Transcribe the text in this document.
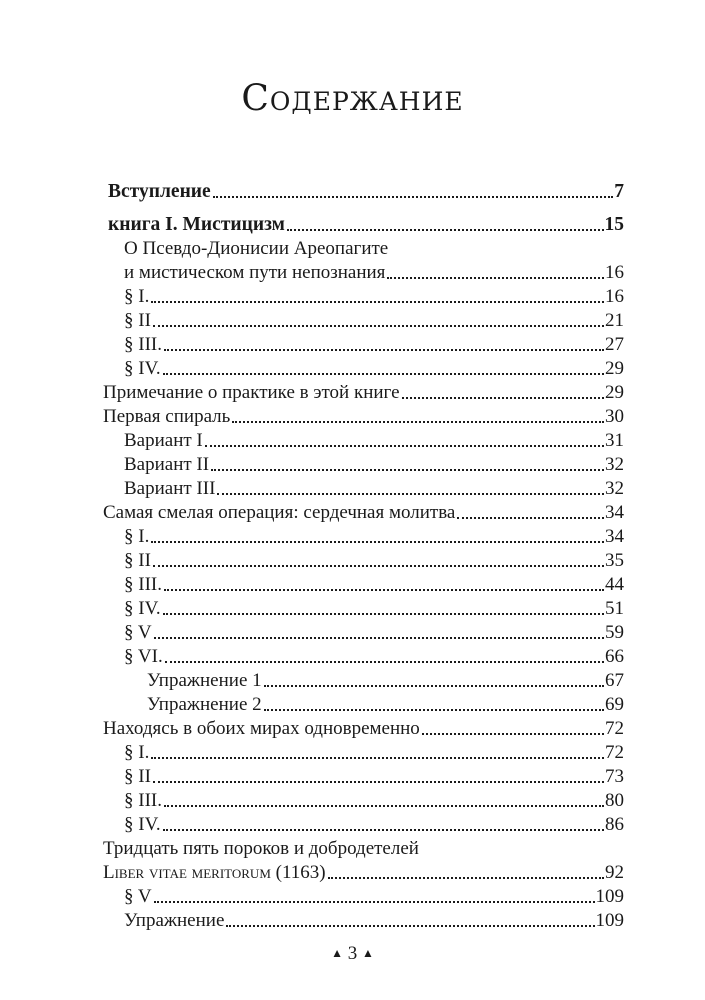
Содержание
Вступление	7
книга I. Мистицизм	15
О Псевдо-Дионисии Ареопагите
и мистическом пути непознания	16
§ I.	16
§ II	21
§ III.	27
§ IV.	29
Примечание о практике в этой книге	29
Первая спираль	30
Вариант I	31
Вариант II	32
Вариант III	32
Самая смелая операция: сердечная молитва	34
§ I.	34
§ II	35
§ III.	44
§ IV.	51
§ V	59
§ VI.	66
Упражнение 1	67
Упражнение 2	69
Находясь в обоих мирах одновременно	72
§ I.	72
§ II	73
§ III.	80
§ IV.	86
Тридцать пять пороков и добродетелей
Liber vitae meritorum (1163)	92
§ V	109
Упражнение	109
▲ 3 ▲
